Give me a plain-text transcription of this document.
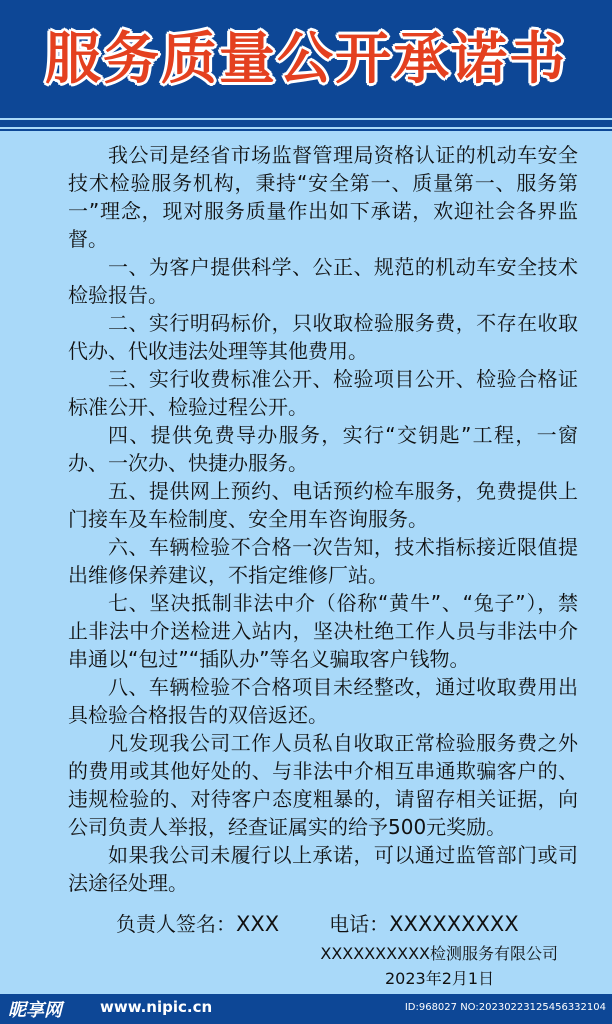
服务质量公开承诺书

我公司是经省市场监督管理局资格认证的机动车安全技术检验服务机构，秉持“安全第一、质量第一、服务第一”理念，现对服务质量作出如下承诺，欢迎社会各界监督。

一、为客户提供科学、公正、规范的机动车安全技术检验报告。

二、实行明码标价，只收取检验服务费，不存在收取代办、代收违法处理等其他费用。

三、实行收费标准公开、检验项目公开、检验合格证标准公开、检验过程公开。

四、提供免费导办服务，实行“交钥匙”工程，一窗办、一次办、快捷办服务。

五、提供网上预约、电话预约检车服务，免费提供上门接车及车检制度、安全用车咨询服务。

六、车辆检验不合格一次告知，技术指标接近限值提出维修保养建议，不指定维修厂站。

七、坚决抵制非法中介（俗称“黄牛”、“兔子”），禁止非法中介送检进入站内，坚决杜绝工作人员与非法中介串通以“包过”“插队办”等名义骗取客户钱物。

八、车辆检验不合格项目未经整改，通过收取费用出具检验合格报告的双倍返还。

凡发现我公司工作人员私自收取正常检验服务费之外的费用或其他好处的、与非法中介相互串通欺骗客户的、违规检验的、对待客户态度粗暴的，请留存相关证据，向公司负责人举报，经查证属实的给予500元奖励。

如果我公司未履行以上承诺，可以通过监管部门或司法途径处理。

负责人签名：XXX	电话：XXXXXXXXX
XXXXXXXXXX检测服务有限公司
2023年2月1日
昵享网	www.nipic.cn	ID:968027 NO:20230223125456332104
